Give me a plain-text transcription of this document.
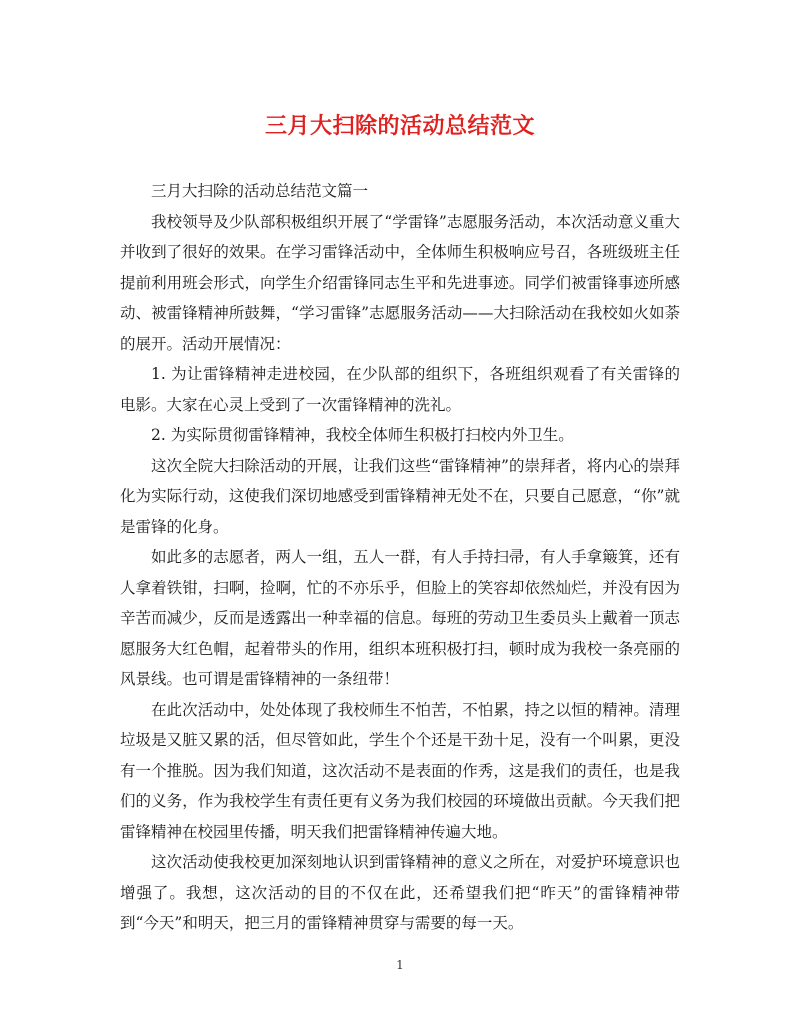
三月大扫除的活动总结范文

三月大扫除的活动总结范文篇一

我校领导及少队部积极组织开展了“学雷锋”志愿服务活动，本次活动意义重大并收到了很好的效果。在学习雷锋活动中，全体师生积极响应号召，各班级班主任提前利用班会形式，向学生介绍雷锋同志生平和先进事迹。同学们被雷锋事迹所感动、被雷锋精神所鼓舞，“学习雷锋”志愿服务活动——大扫除活动在我校如火如荼的展开。活动开展情况：

1. 为让雷锋精神走进校园，在少队部的组织下，各班组织观看了有关雷锋的电影。大家在心灵上受到了一次雷锋精神的洗礼。

2. 为实际贯彻雷锋精神，我校全体师生积极打扫校内外卫生。

这次全院大扫除活动的开展，让我们这些“雷锋精神”的崇拜者，将内心的崇拜化为实际行动，这使我们深切地感受到雷锋精神无处不在，只要自己愿意，“你”就是雷锋的化身。

如此多的志愿者，两人一组，五人一群，有人手持扫帚，有人手拿簸箕，还有人拿着铁钳，扫啊，捡啊，忙的不亦乐乎，但脸上的笑容却依然灿烂，并没有因为辛苦而减少，反而是透露出一种幸福的信息。每班的劳动卫生委员头上戴着一顶志愿服务大红色帽，起着带头的作用，组织本班积极打扫，顿时成为我校一条亮丽的风景线。也可谓是雷锋精神的一条纽带！

在此次活动中，处处体现了我校师生不怕苦，不怕累，持之以恒的精神。清理垃圾是又脏又累的活，但尽管如此，学生个个还是干劲十足，没有一个叫累，更没有一个推脱。因为我们知道，这次活动不是表面的作秀，这是我们的责任，也是我们的义务，作为我校学生有责任更有义务为我们校园的环境做出贡献。今天我们把雷锋精神在校园里传播，明天我们把雷锋精神传遍大地。

这次活动使我校更加深刻地认识到雷锋精神的意义之所在，对爱护环境意识也增强了。我想，这次活动的目的不仅在此，还希望我们把“昨天”的雷锋精神带到“今天”和明天，把三月的雷锋精神贯穿与需要的每一天。

1
